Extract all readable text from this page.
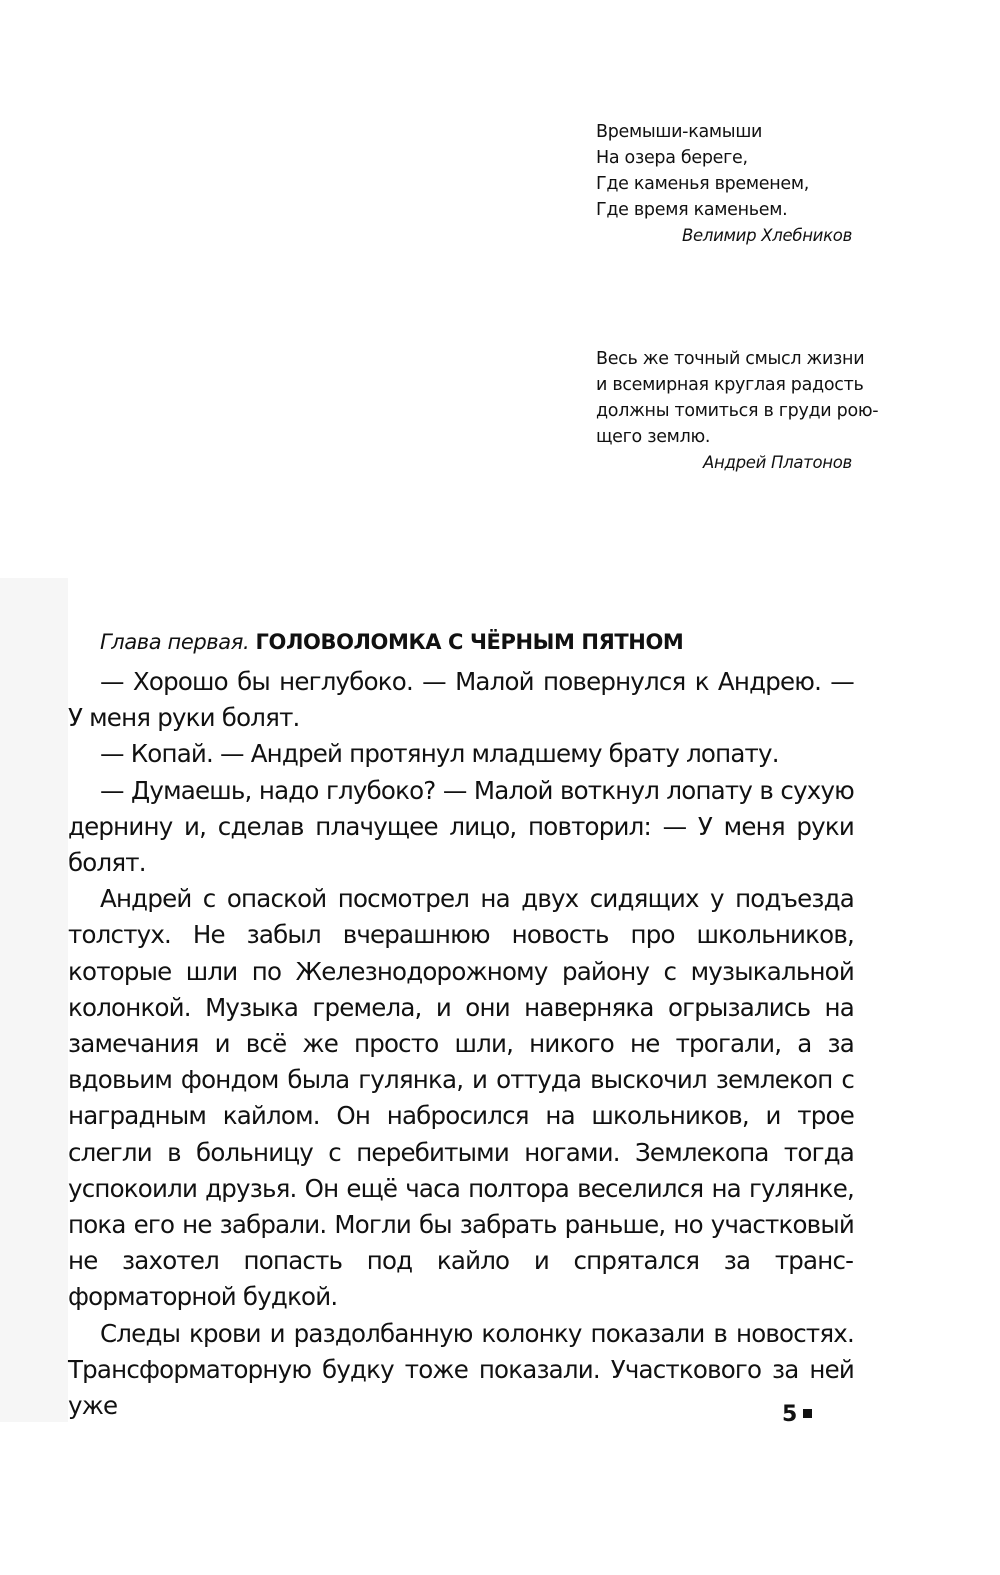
Времыши-камыши
На озера береге,
Где каменья временем,
Где время каменьем.
Велимир Хлебников
Весь же точный смысл жизни
и всемирная круглая радость
должны томиться в груди рою-
щего землю.
Андрей Платонов
Глава первая. ГОЛОВОЛОМКА С ЧЁРНЫМ ПЯТНОМ

— Хорошо бы неглубоко. — Малой повернулся к Андрею. — У меня руки болят.

— Копай. — Андрей протянул младшему брату лопату.

— Думаешь, надо глубоко? — Малой воткнул лопату в сухую дернину и, сделав плачущее лицо, повторил: — У меня руки болят.

Андрей с опаской посмотрел на двух сидящих у подъезда толстух. Не забыл вчерашнюю новость про школьников, которые шли по Железнодорожному району с музыкальной колонкой. Музыка гремела, и они наверняка огрызались на замечания и всё же просто шли, никого не трогали, а за вдовьим фондом была гулянка, и оттуда выскочил землекоп с наградным кайлом. Он набросился на школьников, и трое слегли в больницу с перебитыми ногами. Землекопа тогда успокоили друзья. Он ещё часа полтора веселился на гулянке, пока его не забрали. Могли бы забрать раньше, но участковый не захотел попасть под кайло и спрятался за трансформаторной будкой.

Следы крови и раздолбанную колонку показали в новостях. Трансформаторную будку тоже показали. Участкового за ней уже	5
